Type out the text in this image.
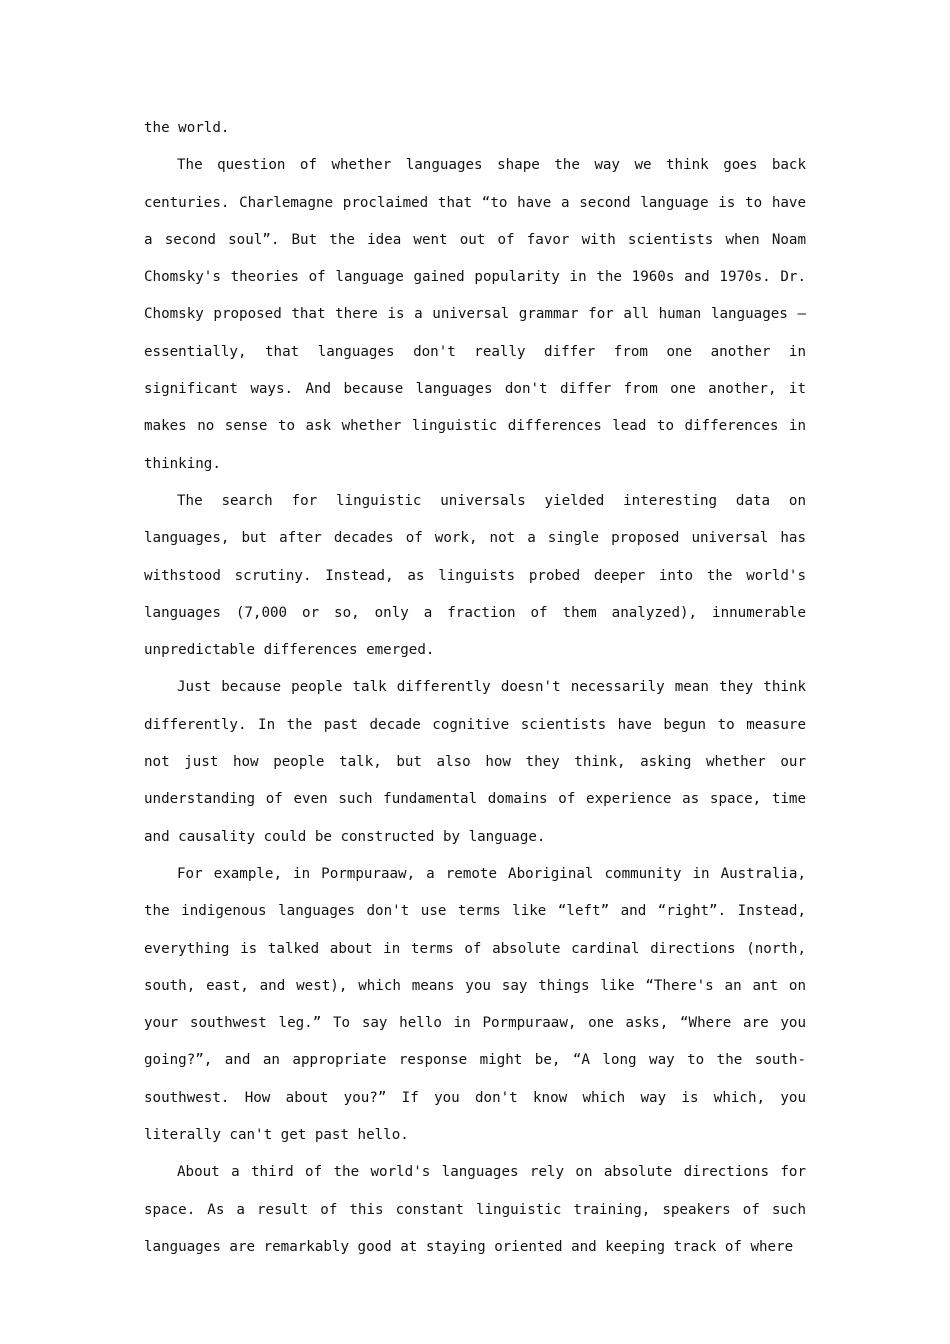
the world.

The question of whether languages shape the way we think goes back centuries. Charlemagne proclaimed that “to have a second language is to have a second soul”. But the idea went out of favor with scientists when Noam Chomsky's theories of language gained popularity in the 1960s and 1970s. Dr. Chomsky proposed that there is a universal grammar for all human languages — essentially, that languages don't really differ from one another in significant ways. And because languages don't differ from one another, it makes no sense to ask whether linguistic differences lead to differences in thinking.

The search for linguistic universals yielded interesting data on languages, but after decades of work, not a single proposed universal has withstood scrutiny. Instead, as linguists probed deeper into the world's languages (7,000 or so, only a fraction of them analyzed), innumerable unpredictable differences emerged.

Just because people talk differently doesn't necessarily mean they think differently. In the past decade cognitive scientists have begun to measure not just how people talk, but also how they think, asking whether our understanding of even such fundamental domains of experience as space, time and causality could be constructed by language.

For example, in Pormpuraaw, a remote Aboriginal community in Australia, the indigenous languages don't use terms like “left” and “right”. Instead, everything is talked about in terms of absolute cardinal directions (north, south, east, and west), which means you say things like “There's an ant on your southwest leg.” To say hello in Pormpuraaw, one asks, “Where are you going?”, and an appropriate response might be, “A long way to the south-southwest. How about you?” If you don't know which way is which, you literally can't get past hello.

About a third of the world's languages rely on absolute directions for space. As a result of this constant linguistic training, speakers of such languages are remarkably good at staying oriented and keeping track of where
